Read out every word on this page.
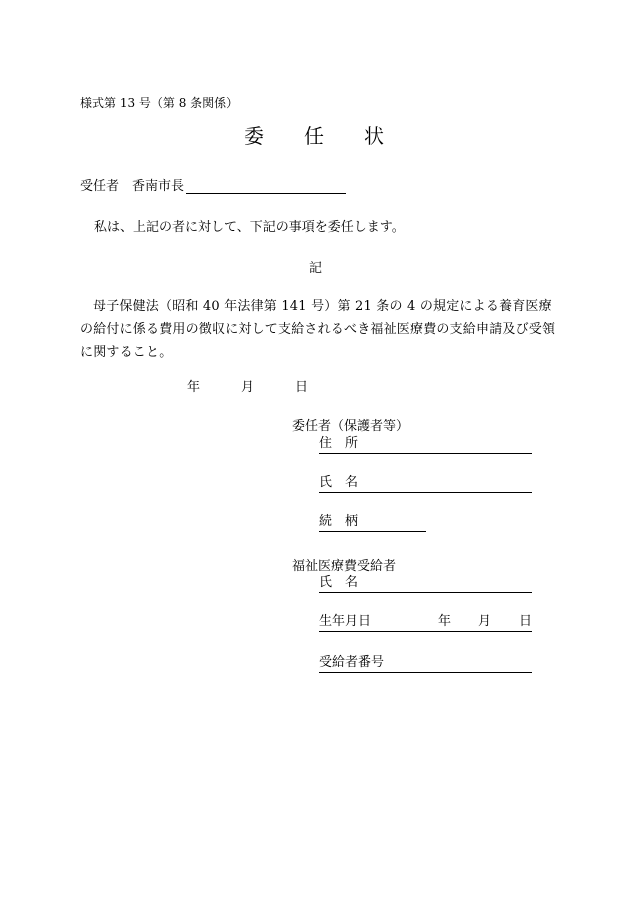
様式第 13 号（第 8 条関係）
委 任 状
受任者　香南市長
私は、上記の者に対して、下記の事項を委任します。
記
母子保健法（昭和 40 年法律第 141 号）第 21 条の 4 の規定による養育医療の給付に係る費用の徴収に対して支給されるべき福祉医療費の支給申請及び受領に関すること。
年	月	日
委任者（保護者等）
住 所
氏 名
続 柄
福祉医療費受給者
氏 名
生年月日	年 月 日
受給者番号
